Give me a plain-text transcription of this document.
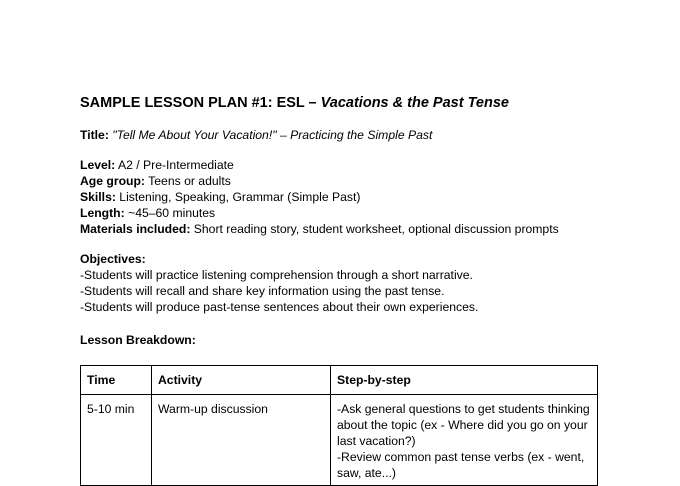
SAMPLE LESSON PLAN #1: ESL – Vacations & the Past Tense
Title: "Tell Me About Your Vacation!" – Practicing the Simple Past
Level: A2 / Pre-Intermediate
Age group: Teens or adults
Skills: Listening, Speaking, Grammar (Simple Past)
Length: ~45–60 minutes
Materials included: Short reading story, student worksheet, optional discussion prompts
Objectives:
-Students will practice listening comprehension through a short narrative.
-Students will recall and share key information using the past tense.
-Students will produce past-tense sentences about their own experiences.
Lesson Breakdown:
Time	Activity	Step-by-step
5-10 min	Warm-up discussion	-Ask general questions to get students thinking about the topic (ex - Where did you go on your last vacation?)
-Review common past tense verbs (ex - went, saw, ate...)
